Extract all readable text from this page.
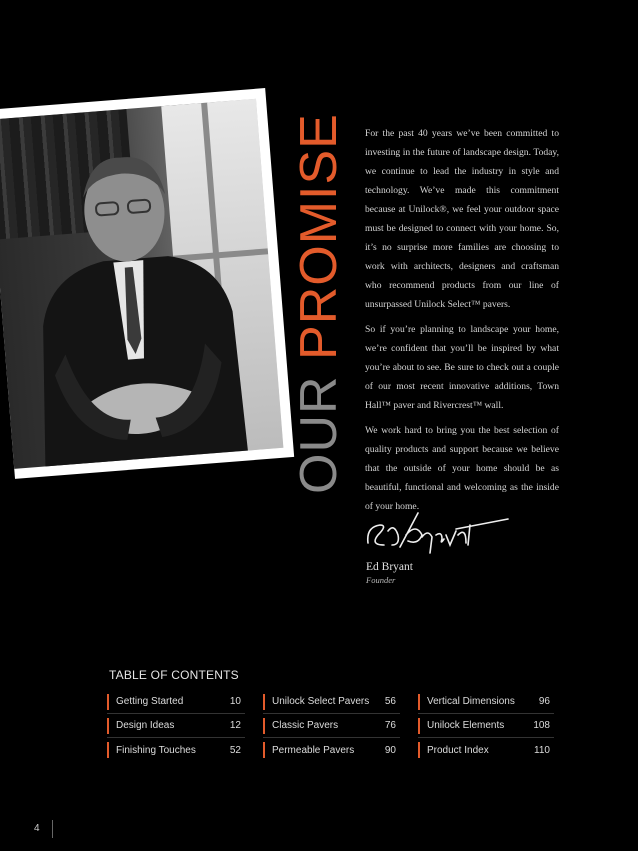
OUR PROMISE For the past 40 years we’ve been committed to investing in the future of landscape design. Today, we continue to lead the industry in style and technology. We’ve made this commitment because at Unilock®, we feel your outdoor space must be designed to connect with your home. So, it’s no surprise more families are choosing to work with architects, designers and craftsman who recommend products from our line of unsurpassed Unilock Select™ pavers.

So if you’re planning to landscape your home, we’re confident that you’ll be inspired by what you’re about to see. Be sure to check out a couple of our most recent innovative additions, Town Hall™ paver and Rivercrest™ wall.

We work hard to bring you the best selection of quality products and support because we believe that the outside of your home should be as beautiful, functional and welcoming as the inside of your home.

Ed Bryant
Founder
TABLE OF CONTENTS
Getting Started	10
Design Ideas	12
Finishing Touches	52
Unilock Select Pavers 56
Classic Pavers	76
Permeable Pavers	90
Vertical Dimensions 96
Unilock Elements	108
Product Index	110
4
